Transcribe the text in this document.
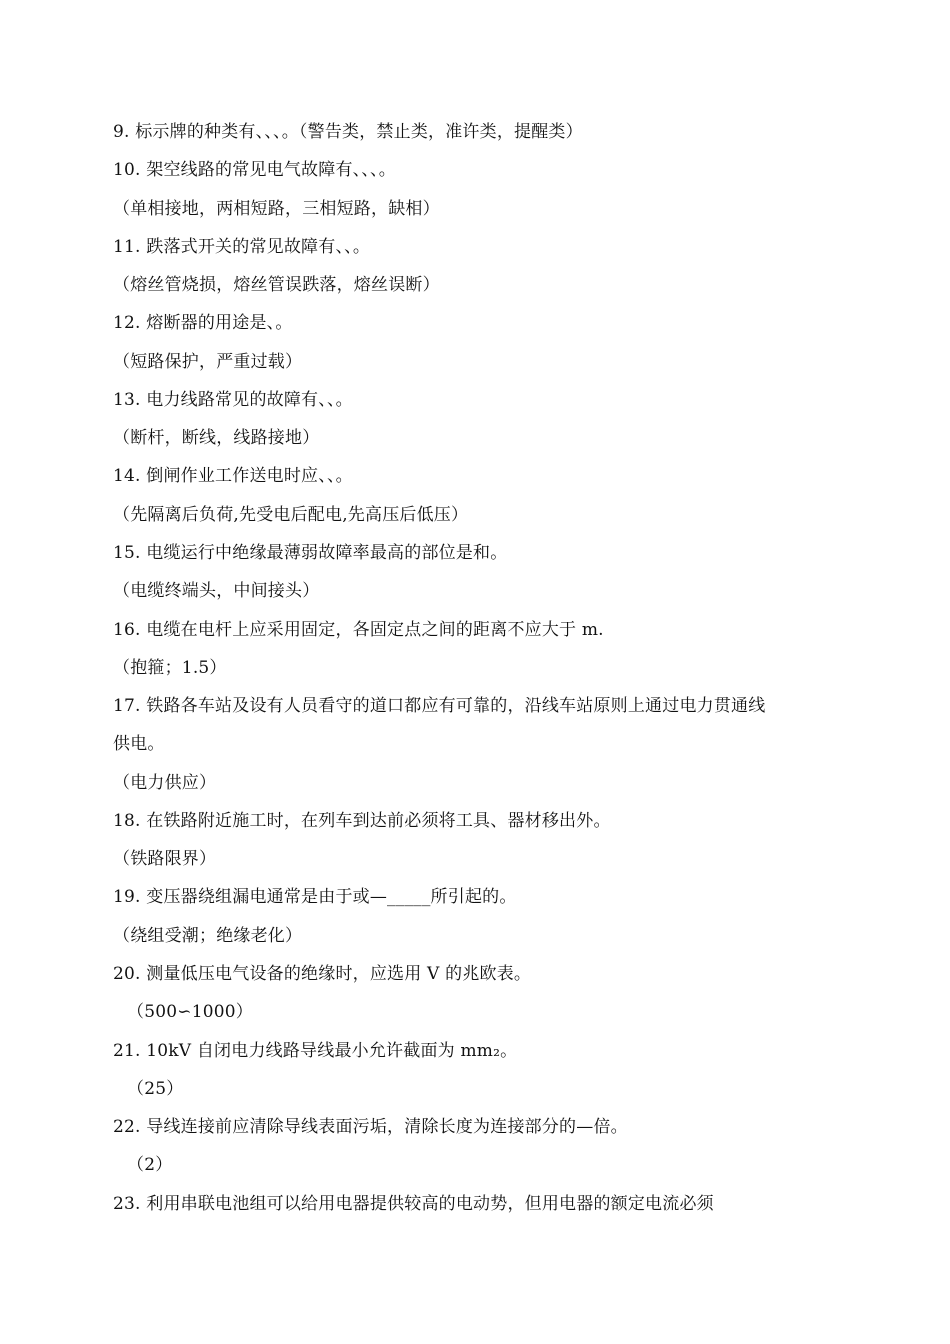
9. 标示牌的种类有、、、。（警告类，禁止类，准许类，提醒类）
10. 架空线路的常见电气故障有、、、。
（单相接地，两相短路，三相短路，缺相）
11. 跌落式开关的常见故障有、、。
（熔丝管烧损，熔丝管误跌落，熔丝误断）
12. 熔断器的用途是、。
（短路保护，严重过载）
13. 电力线路常见的故障有、、。
（断杆，断线，线路接地）
14. 倒闸作业工作送电时应、、。
（先隔离后负荷,先受电后配电,先高压后低压）
15. 电缆运行中绝缘最薄弱故障率最高的部位是和。
（电缆终端头，中间接头）
16. 电缆在电杆上应采用固定，各固定点之间的距离不应大于 m.
（抱箍；1.5）
17. 铁路各车站及设有人员看守的道口都应有可靠的，沿线车站原则上通过电力贯通线
供电。
（电力供应）
18. 在铁路附近施工时，在列车到达前必须将工具、器材移出外。
（铁路限界）
19. 变压器绕组漏电通常是由于或—_____所引起的。
（绕组受潮；绝缘老化）
20. 测量低压电气设备的绝缘时，应选用 V 的兆欧表。
（500∽1000）
21. 10kV 自闭电力线路导线最小允许截面为 mm₂。
（25）
22. 导线连接前应清除导线表面污垢，清除长度为连接部分的—倍。
（2）
23. 利用串联电池组可以给用电器提供较高的电动势，但用电器的额定电流必须
